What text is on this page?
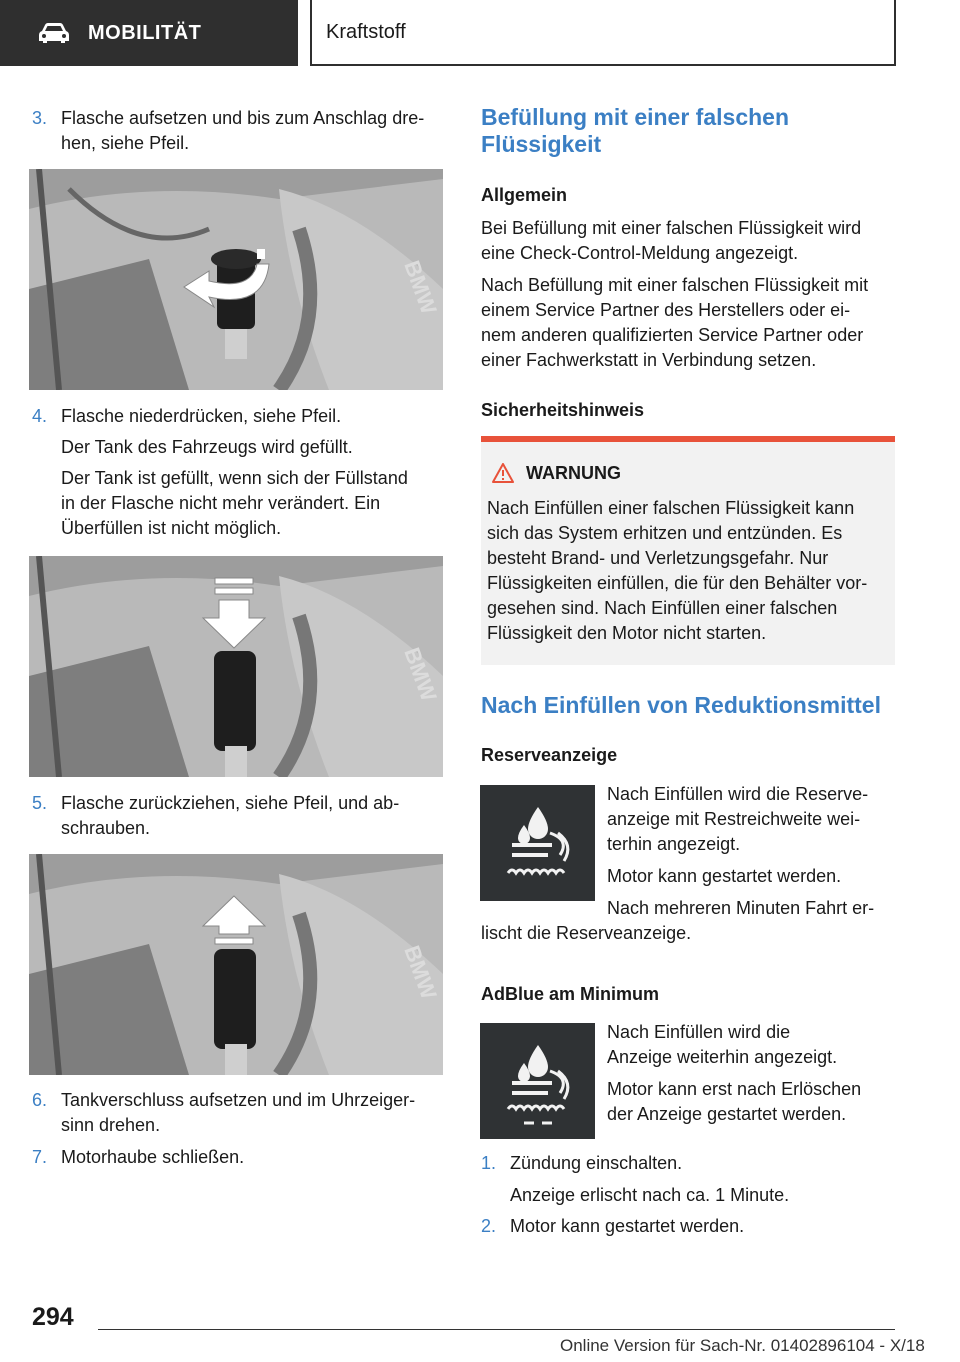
MOBILITÄT	Kraftstoff
3. Flasche aufsetzen und bis zum Anschlag dre‐
hen, siehe Pfeil.
BMW
4. Flasche niederdrücken, siehe Pfeil.
Der Tank des Fahrzeugs wird gefüllt.
Der Tank ist gefüllt, wenn sich der Füllstand
in der Flasche nicht mehr verändert. Ein
Überfüllen ist nicht möglich.
BMW
5. Flasche zurückziehen, siehe Pfeil, und ab‐
schrauben.
BMW
6. Tankverschluss aufsetzen und im Uhrzeiger‐
sinn drehen.
7. Motorhaube schließen.
Befüllung mit einer falschen
Flüssigkeit
Allgemein
Bei Befüllung mit einer falschen Flüssigkeit wird
eine Check-Control-Meldung angezeigt.
Nach Befüllung mit einer falschen Flüssigkeit mit
einem Service Partner des Herstellers oder ei‐
nem anderen qualifizierten Service Partner oder
einer Fachwerkstatt in Verbindung setzen.
Sicherheitshinweis
WARNUNG
Nach Einfüllen einer falschen Flüssigkeit kann
sich das System erhitzen und entzünden. Es
besteht Brand- und Verletzungsgefahr. Nur
Flüssigkeiten einfüllen, die für den Behälter vor‐
gesehen sind. Nach Einfüllen einer falschen
Flüssigkeit den Motor nicht starten.
Nach Einfüllen von Reduktionsmittel
Reserveanzeige
Nach Einfüllen wird die Reserve‐
anzeige mit Restreichweite wei‐
terhin angezeigt.
Motor kann gestartet werden.
Nach mehreren Minuten Fahrt er‐
lischt die Reserveanzeige.
AdBlue am Minimum
Nach Einfüllen wird die
Anzeige weiterhin angezeigt.
Motor kann erst nach Erlöschen
der Anzeige gestartet werden.
1. Zündung einschalten.
Anzeige erlischt nach ca. 1 Minute.
2. Motor kann gestartet werden.
294
Online Version für Sach-Nr. 01402896104 - X/18
